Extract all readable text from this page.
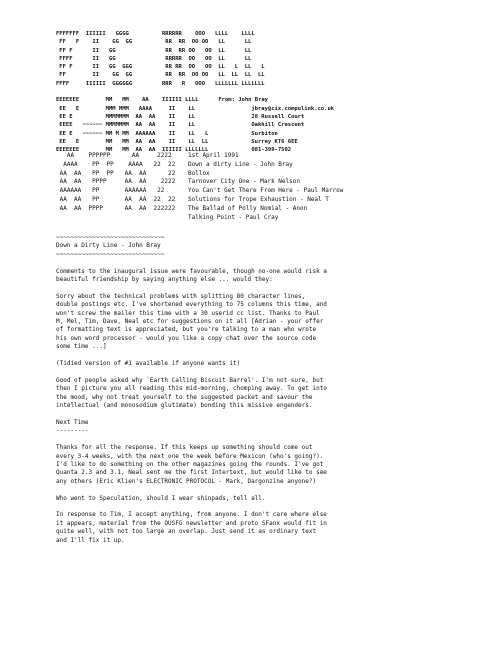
FFFFFFF  IIIIII   GGGG          RRRRRR    OOO   LLLL    LLLL
FF   F    II    GG  GG          RR  RR  OO OO   LL      LL
FF F      II   GG               RR  RR OO   OO  LL      LL
FFFF      II   GG               RRRRR  OO   OO  LL      LL
FF F      II   GG  GGG          RR RR  OO   OO  LL   L  LL   L
FF        II    GG  GG          RR  RR  OO OO   LL  LL  LL  LL
FFFF     IIIIII  GGGGGG         RRR   R   OOO   LLLLLLL LLLLLLL

EEEEEEE        MM   MM    AA    IIIIII LLLL
EE   E        MMM MMM   AAAA     II    LL
EE E          MMMMMMM  AA  AA    II    LL
EEEE   ~~~~~~ MMMMMMM  AA  AA    II    LL
EE E   ~~~~~~ MM M MM  AAAAAA    II    LL   L
EE   E        MM   MM  AA  AA    II    LL  LL
EEEEEEE        MM   MM  AA  AA  IIIIII LLLLLLLFrom: John Bray
jbray@cix.compulink.co.uk
28 Russell Court
Oakhill Crescent
Surbiton
Surrey KT6 6EE
081-399-7502
AA    PPPPPP      AA     2222
AAAA    PP  PP    AAAA   22  22
AA  AA   PP  PP   AA  AA      22
AA  AA   PPPP     AA  AA    2222
AAAAAA   PP       AAAAAA   22
AA  AA   PP       AA  AA  22  22
AA  AA  PPPP      AA  AA  2222221st April 1991
Down a dirty Line - John Bray
Bollox
Tarnover City One - Mark Nelson
You Can't Get There From Here - Paul Marrow
Solutions for Trope Exhaustion - Neal T
The Ballad of Polly Nomial - Anon
Talking Point - Paul Cray
~~~~~~~~~~~~~~~~~~~~~~~~~~~~~~
Down a Dirty Line - John Bray
~~~~~~~~~~~~~~~~~~~~~~~~~~~~~~

Comments to the inaugural issue were favourable, though no-one would risk a
beautiful friendship by saying anything else ... would they:

Sorry about the technical problems with splitting 80 character lines,
double postings etc. I've shortened everything to 75 columns this time, and
won't screw the mailer this time with a 30 userid cc list. Thanks to Paul
M, Mel, Tim, Dave, Neal etc for suggestions on it all [Adrian - your offer
of formatting text is appreciated, but you're talking to a man who wrote
his own word processor - would you like a copy chat over the source code
some time ...]

(Tidied version of #1 available if anyone wants it)

Good of people asked why `Earth Calling Biscuit Barrel'. I'm not sure, but
then I picture you all reading this mid-morning, chomping away. To get into
the mood, why not treat yourself to the suggested packet and savour the
intellectual (and monosodium glutimate) bonding this missive engenders.

Next Time
---------

Thanks for all the response. If this keeps up something should come out
every 3-4 weeks, with the next one the week before Mexicon (who's going?).
I'd like to do something on the other magazines going the rounds. I've got
Quanta 2.3 and 3.1, Neal sent me the first Intertext, but would like to see
any others (Eric Klien's ELECTRONIC PROTOCOL - Mark, Dargonzine anyone?)

Who went to Speculation, should I wear shinpads, tell all.

In response to Tim, I accept anything, from anyone. I don't care where else
it appears, material from the OUSFG newsletter and proto SFanx would fit in
quite well, with not too large an overlap. Just send it as ordinary text
and I'll fix it up.
